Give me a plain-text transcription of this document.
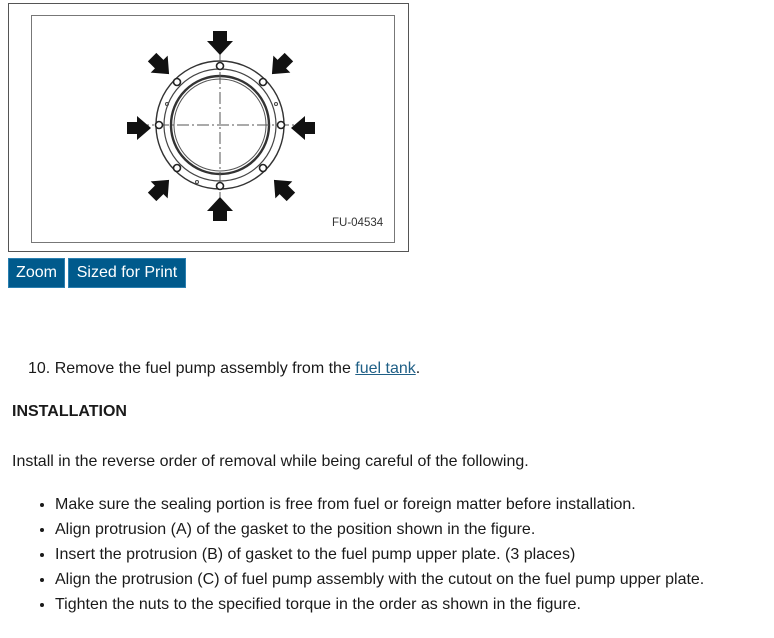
FU-04534
Zoom	Sized for Print
10. Remove the fuel pump assembly from the fuel tank.
INSTALLATION
Install in the reverse order of removal while being careful of the following.
• Make sure the sealing portion is free from fuel or foreign matter before installation.
• Align protrusion (A) of the gasket to the position shown in the figure.
• Insert the protrusion (B) of gasket to the fuel pump upper plate. (3 places)
• Align the protrusion (C) of fuel pump assembly with the cutout on the fuel pump upper plate.
• Tighten the nuts to the specified torque in the order as shown in the figure.
